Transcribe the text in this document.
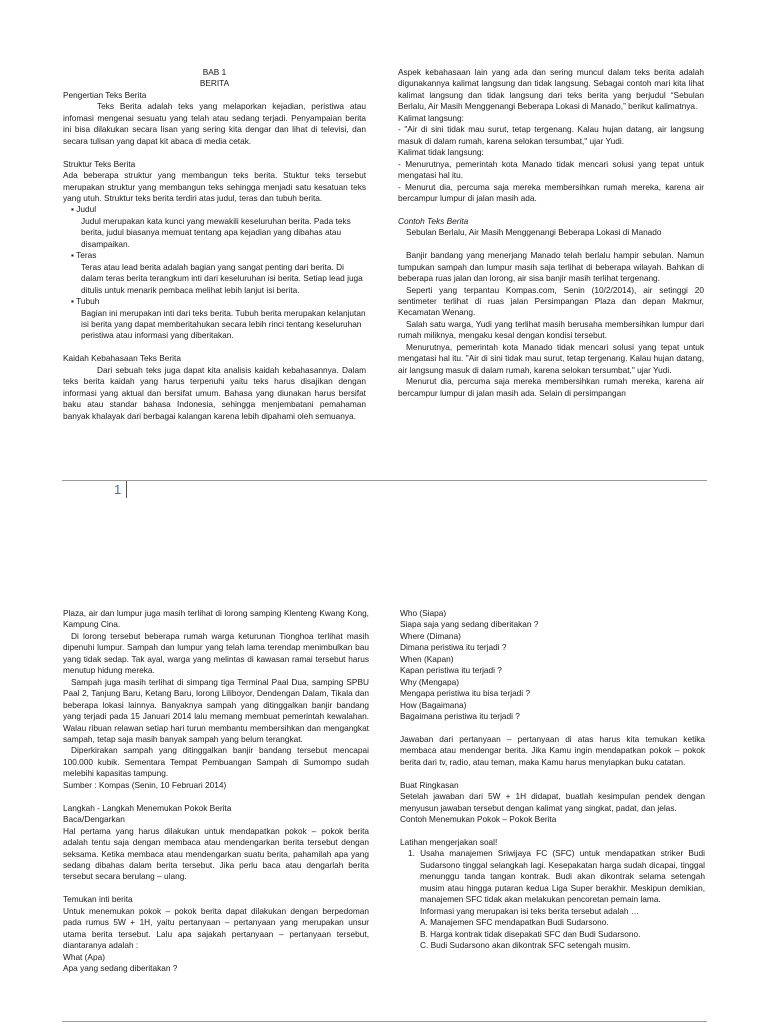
BAB 1

BERITA

Pengertian Teks Berita

Teks Berita adalah teks yang melaporkan kejadian, peristiwa atau infomasi mengenai sesuatu yang telah atau sedang terjadi. Penyampaian berita ini bisa dilakukan secara lisan yang sering kita dengar dan lihat di televisi, dan secara tulisan yang dapat kit abaca di media cetak.

Struktur Teks Berita

Ada beberapa struktur yang membangun teks berita. Stuktur teks tersebut merupakan struktur yang membangun teks sehingga menjadi satu kesatuan teks yang utuh. Struktur teks berita terdiri atas judul, teras dan tubuh berita.

▪ Judul

Judul merupakan kata kunci yang mewakili keseluruhan berita. Pada teks berita, judul biasanya memuat tentang apa kejadian yang dibahas atau disampaikan.

▪ Teras

Teras atau lead berita adalah bagian yang sangat penting dari berita. Di dalam teras berita terangkum inti dari keseluruhan isi berita. Setiap lead juga ditulis untuk menarik pembaca melihat lebih lanjut isi berita.

▪ Tubuh

Bagian ini merupakan inti dari teks berita. Tubuh berita merupakan kelanjutan isi berita yang dapat memberitahukan secara lebih rinci tentang keseluruhan peristiwa atau informasi yang diberitakan.

Kaidah Kebahasaan Teks Berita

Dari sebuah teks juga dapat kita analisis kaidah kebahasannya. Dalam teks berita kaidah yang harus terpenuhi yaitu teks harus disajikan dengan informasi yang aktual dan bersifat umum. Bahasa yang diunakan harus bersifat baku atau standar bahasa Indonesia, sehingga menjembatani pemahaman banyak khalayak dari berbagai kalangan karena lebih dipahami oleh semuanya.

Aspek kebahasaan lain yang ada dan sering muncul dalam teks berita adalah digunakannya kalimat langsung dan tidak langsung. Sebagai contoh mari kita lihat kalimat langsung dan tidak langsung dari teks berita yang berjudul “Sebulan Berlalu, Air Masih Menggenangi Beberapa Lokasi di Manado,” berikut kalimatnya.

Kalimat langsung:

- "Air di sini tidak mau surut, tetap tergenang. Kalau hujan datang, air langsung masuk di dalam rumah, karena selokan tersumbat," ujar Yudi.

Kalimat tidak langsung:

- Menurutnya, pemerintah kota Manado tidak mencari solusi yang tepat untuk mengatasi hal itu.

- Menurut dia, percuma saja mereka membersihkan rumah mereka, karena air bercampur lumpur di jalan masih ada.

Contoh Teks Berita

Sebulan Berlalu, Air Masih Menggenangi Beberapa Lokasi di Manado

Banjir bandang yang menerjang Manado telah berlalu hampir sebulan. Namun tumpukan sampah dan lumpur masih saja terlihat di beberapa wilayah. Bahkan di beberapa ruas jalan dan lorong, air sisa banjir masih terlihat tergenang.

Seperti yang terpantau Kompas.com, Senin (10/2/2014), air setinggi 20 sentimeter terlihat di ruas jalan Persimpangan Plaza dan depan Makmur, Kecamatan Wenang.

Salah satu warga, Yudi yang terlihat masih berusaha membersihkan lumpur dari rumah miliknya, mengaku kesal dengan kondisi tersebut.

Menurutnya, pemerintah kota Manado tidak mencari solusi yang tepat untuk mengatasi hal itu. "Air di sini tidak mau surut, tetap tergenang. Kalau hujan datang, air langsung masuk di dalam rumah, karena selokan tersumbat," ujar Yudi.

Menurut dia, percuma saja mereka membersihkan rumah mereka, karena air bercampur lumpur di jalan masih ada. Selain di persimpangan

1

Plaza, air dan lumpur juga masih terlihat di lorong samping Klenteng Kwang Kong, Kampung Cina.

Di lorong tersebut beberapa rumah warga keturunan Tionghoa terlihat masih dipenuhi lumpur. Sampah dan lumpur yang telah lama terendap menimbulkan bau yang tidak sedap. Tak ayal, warga yang melintas di kawasan ramai tersebut harus menutup hidung mereka.

Sampah juga masih terlihat di simpang tiga Terminal Paal Dua, samping SPBU Paal 2, Tanjung Baru, Ketang Baru, lorong Liliboyor, Dendengan Dalam, Tikala dan beberapa lokasi lainnya. Banyaknya sampah yang ditinggalkan banjir bandang yang terjadi pada 15 Januari 2014 lalu memang membuat pemerintah kewalahan. Walau ribuan relawan setiap hari turun membantu membersihkan dan mengangkat sampah, tetap saja masih banyak sampah yang belum terangkat.

Diperkirakan sampah yang ditinggalkan banjir bandang tersebut mencapai 100.000 kubik. Sementara Tempat Pembuangan Sampah di Sumompo sudah melebihi kapasitas tampung.

Sumber : Kompas (Senin, 10 Februari 2014)

Langkah - Langkah Menemukan Pokok Berita

Baca/Dengarkan

Hal pertama yang harus dilakukan untuk mendapatkan pokok – pokok berita adalah tentu saja dengan membaca atau mendengarkan berita tersebut dengan seksama. Ketika membaca atau mendengarkan suatu berita, pahamilah apa yang sedang dibahas dalam berita tersebut. Jika perlu baca atau dengarlah berita tersebut secara berulang – ulang.

Temukan inti berita

Untuk menemukan pokok – pokok berita dapat dilakukan dengan berpedoman pada rumus 5W + 1H, yaitu pertanyaan – pertanyaan yang merupakan unsur utama berita tersebut. Lalu apa sajakah pertanyaan – pertanyaan tersebut, diantaranya adalah :

What (Apa)

Apa yang sedang diberitakan ?

Who (Siapa)

Siapa saja yang sedang diberitakan ?

Where (Dimana)

Dimana peristiwa itu terjadi ?

When (Kapan)

Kapan peristiwa itu terjadi ?

Why (Mengapa)

Mengapa peristiwa itu bisa terjadi ?

How (Bagaimana)

Bagaimana peristiwa itu terjadi ?

Jawaban dari pertanyaan – pertanyaan di atas harus kita temukan ketika membaca atau mendengar berita. Jika Kamu ingin mendapatkan pokok – pokok berita dari tv, radio, atau teman, maka Kamu harus menyiapkan buku catatan.

Buat Ringkasan

Setelah jawaban dari 5W + 1H didapat, buatlah kesimpulan pendek dengan menyusun jawaban tersebut dengan kalimat yang singkat, padat, dan jelas.

Contoh Menemukan Pokok – Pokok Berita

Latihan mengerjakan soal!

1. Usaha manajemen Sriwijaya FC (SFC) untuk mendapatkan striker Budi Sudarsono tinggal selangkah lagi. Kesepakatan harga sudah dicapai, tinggal menunggu tanda tangan kontrak. Budi akan dikontrak selama setengah musim atau hingga putaran kedua Liga Super berakhir. Meskipun demikian, manajemen SFC tidak akan melakukan pencoretan pemain lama.

Informasi yang merupakan isi teks berita tersebut adalah …

A. Manajemen SFC mendapatkan Budi Sudarsono.

B. Harga kontrak tidak disepakati SFC dan Budi Sudarsono.

C. Budi Sudarsono akan dikontrak SFC setengah musim.
